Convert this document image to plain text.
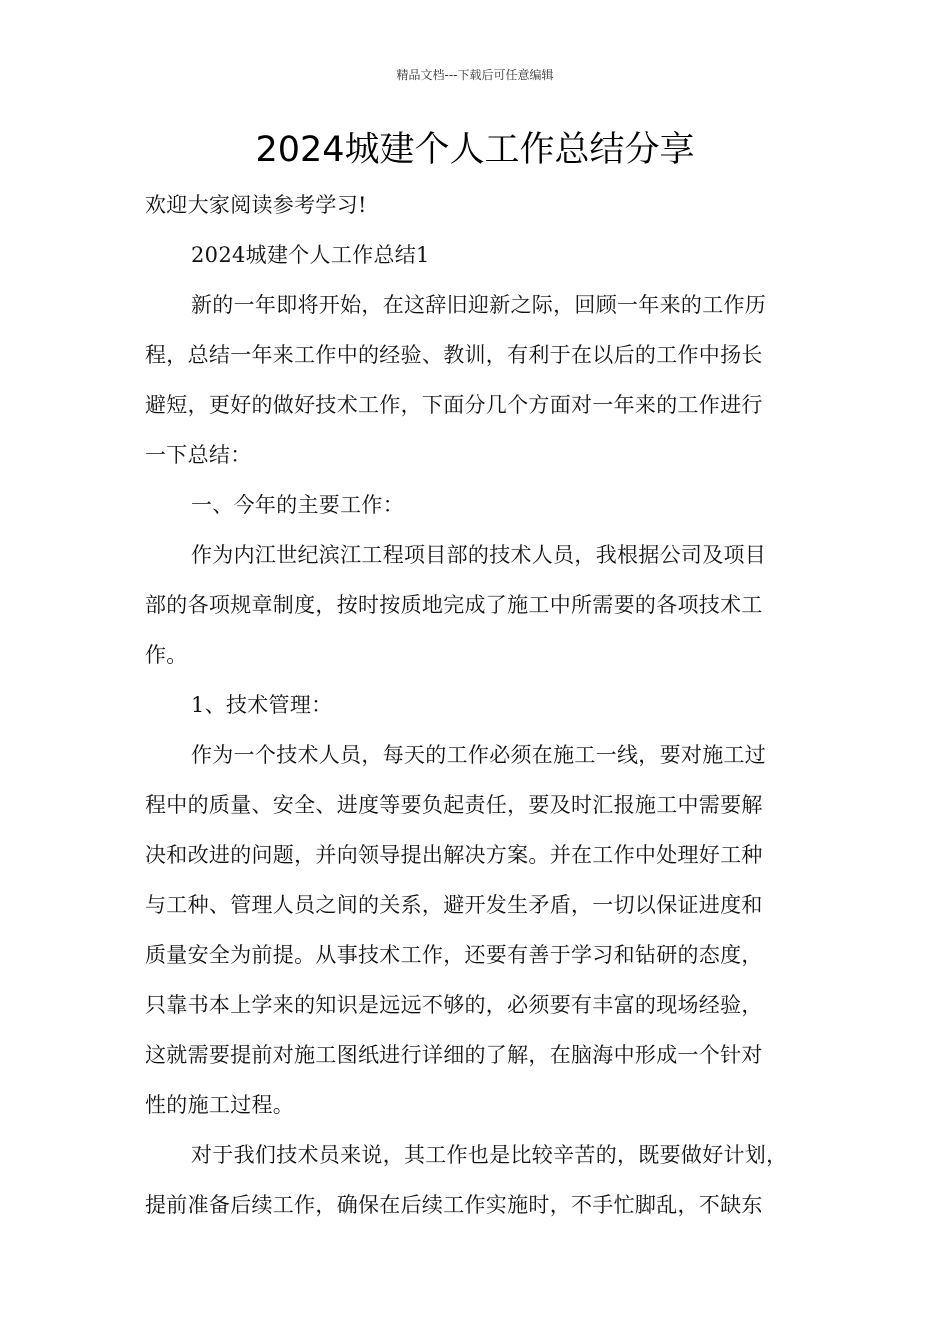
精品文档---下载后可任意编辑
2024城建个人工作总结分享
欢迎大家阅读参考学习!
2024城建个人工作总结1
新的一年即将开始，在这辞旧迎新之际，回顾一年来的工作历
程，总结一年来工作中的经验、教训，有利于在以后的工作中扬长
避短，更好的做好技术工作，下面分几个方面对一年来的工作进行
一下总结：
一、今年的主要工作：
作为内江世纪滨江工程项目部的技术人员，我根据公司及项目
部的各项规章制度，按时按质地完成了施工中所需要的各项技术工
作。
1、技术管理：
作为一个技术人员，每天的工作必须在施工一线，要对施工过
程中的质量、安全、进度等要负起责任，要及时汇报施工中需要解
决和改进的问题，并向领导提出解决方案。并在工作中处理好工种
与工种、管理人员之间的关系，避开发生矛盾，一切以保证进度和
质量安全为前提。从事技术工作，还要有善于学习和钻研的态度，
只靠书本上学来的知识是远远不够的，必须要有丰富的现场经验，
这就需要提前对施工图纸进行详细的了解，在脑海中形成一个针对
性的施工过程。
对于我们技术员来说，其工作也是比较辛苦的，既要做好计划，
提前准备后续工作，确保在后续工作实施时，不手忙脚乱，不缺东
